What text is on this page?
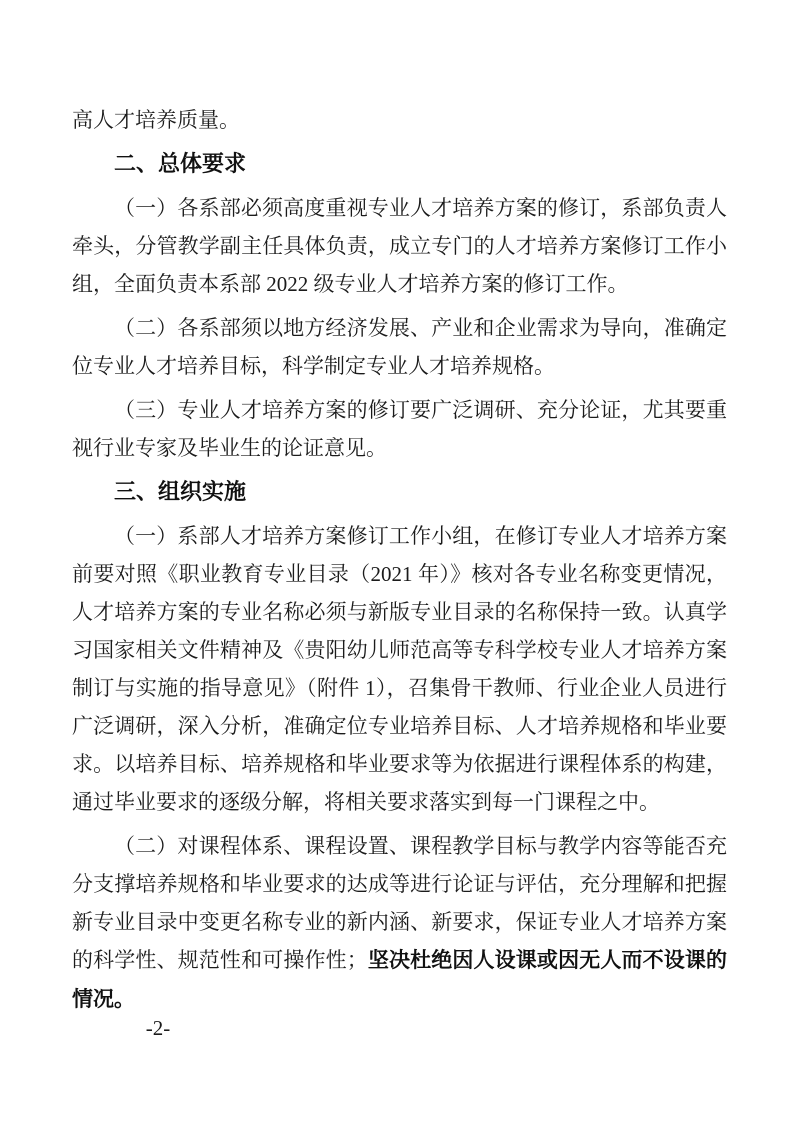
高人才培养质量。

二、总体要求

（一）各系部必须高度重视专业人才培养方案的修订，系部负责人牵头，分管教学副主任具体负责，成立专门的人才培养方案修订工作小组，全面负责本系部 2022 级专业人才培养方案的修订工作。

（二）各系部须以地方经济发展、产业和企业需求为导向，准确定位专业人才培养目标，科学制定专业人才培养规格。

（三）专业人才培养方案的修订要广泛调研、充分论证，尤其要重视行业专家及毕业生的论证意见。

三、组织实施

（一）系部人才培养方案修订工作小组，在修订专业人才培养方案前要对照《职业教育专业目录（2021 年）》核对各专业名称变更情况，人才培养方案的专业名称必须与新版专业目录的名称保持一致。认真学习国家相关文件精神及《贵阳幼儿师范高等专科学校专业人才培养方案制订与实施的指导意见》（附件 1），召集骨干教师、行业企业人员进行广泛调研，深入分析，准确定位专业培养目标、人才培养规格和毕业要求。以培养目标、培养规格和毕业要求等为依据进行课程体系的构建，通过毕业要求的逐级分解，将相关要求落实到每一门课程之中。

（二）对课程体系、课程设置、课程教学目标与教学内容等能否充分支撑培养规格和毕业要求的达成等进行论证与评估，充分理解和把握新专业目录中变更名称专业的新内涵、新要求，保证专业人才培养方案的科学性、规范性和可操作性；坚决杜绝因人设课或因无人而不设课的情况。

-2-
